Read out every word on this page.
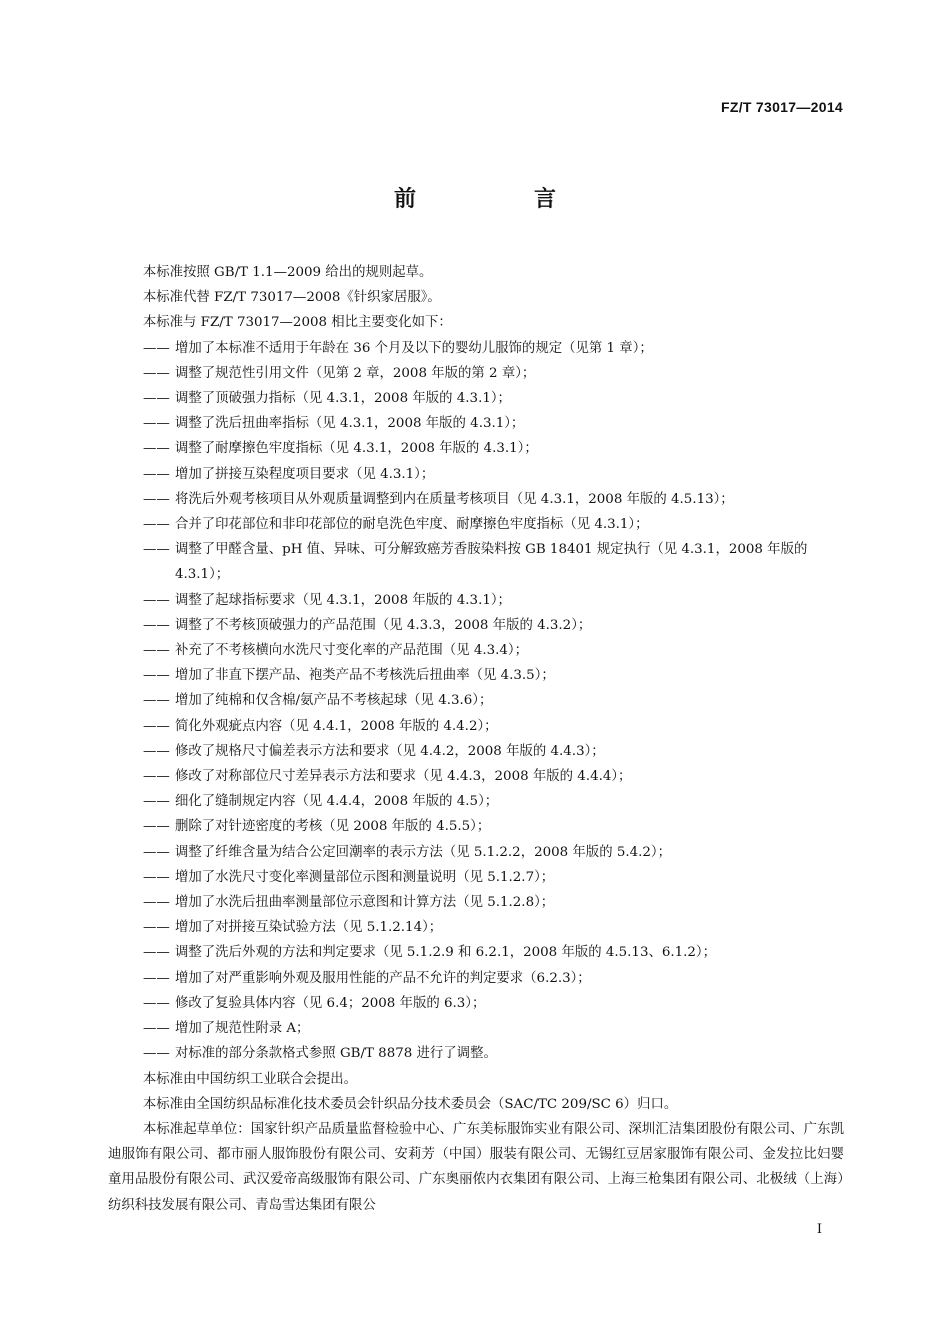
FZ/T 73017—2014
前　言

本标准按照 GB/T 1.1—2009 给出的规则起草。

本标准代替 FZ/T 73017—2008《针织家居服》。

本标准与 FZ/T 73017—2008 相比主要变化如下：

—— 增加了本标准不适用于年龄在 36 个月及以下的婴幼儿服饰的规定（见第 1 章）；

—— 调整了规范性引用文件（见第 2 章，2008 年版的第 2 章）；

—— 调整了顶破强力指标（见 4.3.1，2008 年版的 4.3.1）；

—— 调整了洗后扭曲率指标（见 4.3.1，2008 年版的 4.3.1）；

—— 调整了耐摩擦色牢度指标（见 4.3.1，2008 年版的 4.3.1）；

—— 增加了拼接互染程度项目要求（见 4.3.1）；

—— 将洗后外观考核项目从外观质量调整到内在质量考核项目（见 4.3.1，2008 年版的 4.5.13）；

—— 合并了印花部位和非印花部位的耐皂洗色牢度、耐摩擦色牢度指标（见 4.3.1）；

—— 调整了甲醛含量、pH 值、异味、可分解致癌芳香胺染料按 GB 18401 规定执行（见 4.3.1，2008 年版的 4.3.1）；

—— 调整了起球指标要求（见 4.3.1，2008 年版的 4.3.1）；

—— 调整了不考核顶破强力的产品范围（见 4.3.3，2008 年版的 4.3.2）；

—— 补充了不考核横向水洗尺寸变化率的产品范围（见 4.3.4）；

—— 增加了非直下摆产品、袍类产品不考核洗后扭曲率（见 4.3.5）；

—— 增加了纯棉和仅含棉/氨产品不考核起球（见 4.3.6）；

—— 简化外观疵点内容（见 4.4.1，2008 年版的 4.4.2）；

—— 修改了规格尺寸偏差表示方法和要求（见 4.4.2，2008 年版的 4.4.3）；

—— 修改了对称部位尺寸差异表示方法和要求（见 4.4.3，2008 年版的 4.4.4）；

—— 细化了缝制规定内容（见 4.4.4，2008 年版的 4.5）；

—— 删除了对针迹密度的考核（见 2008 年版的 4.5.5）；

—— 调整了纤维含量为结合公定回潮率的表示方法（见 5.1.2.2，2008 年版的 5.4.2）；

—— 增加了水洗尺寸变化率测量部位示图和测量说明（见 5.1.2.7）；

—— 增加了水洗后扭曲率测量部位示意图和计算方法（见 5.1.2.8）；

—— 增加了对拼接互染试验方法（见 5.1.2.14）；

—— 调整了洗后外观的方法和判定要求（见 5.1.2.9 和 6.2.1，2008 年版的 4.5.13、6.1.2）；

—— 增加了对严重影响外观及服用性能的产品不允许的判定要求（6.2.3）；

—— 修改了复验具体内容（见 6.4；2008 年版的 6.3）；

—— 增加了规范性附录 A；

—— 对标准的部分条款格式参照 GB/T 8878 进行了调整。

本标准由中国纺织工业联合会提出。

本标准由全国纺织品标准化技术委员会针织品分技术委员会（SAC/TC 209/SC 6）归口。

本标准起草单位：国家针织产品质量监督检验中心、广东美标服饰实业有限公司、深圳汇洁集团股份有限公司、广东凯迪服饰有限公司、都市丽人服饰股份有限公司、安莉芳（中国）服装有限公司、无锡红豆居家服饰有限公司、金发拉比妇婴童用品股份有限公司、武汉爱帝高级服饰有限公司、广东奥丽侬内衣集团有限公司、上海三枪集团有限公司、北极绒（上海）纺织科技发展有限公司、青岛雪达集团有限公

I
